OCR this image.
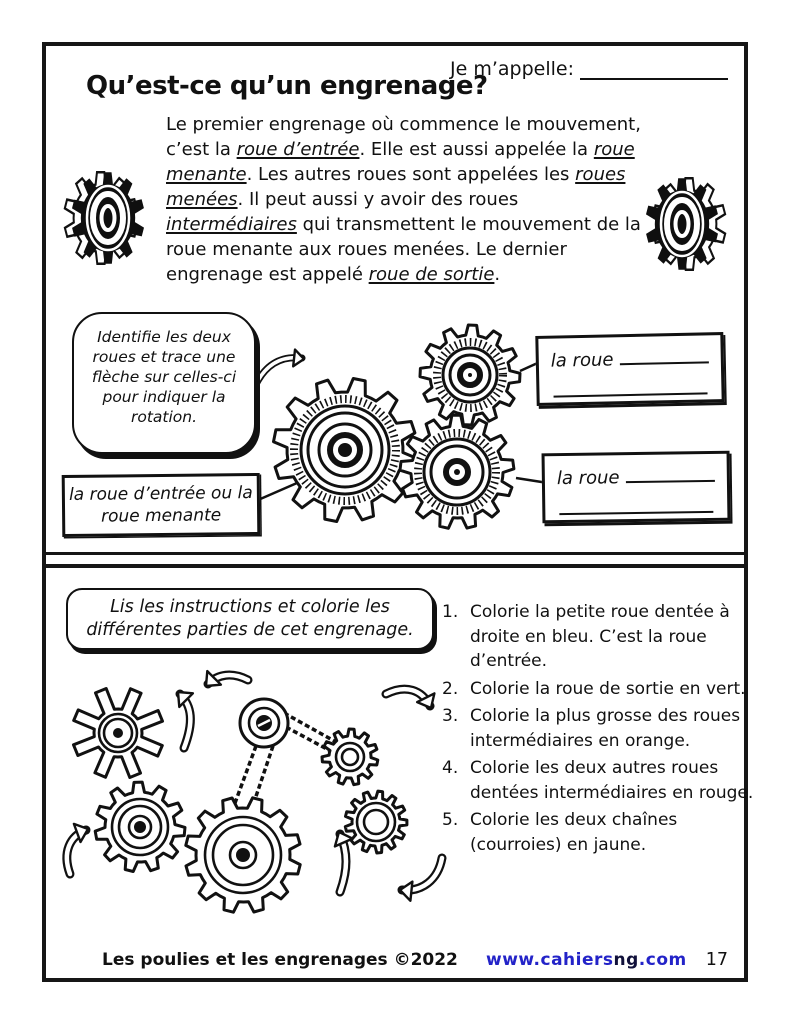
Qu’est-ce qu’un engrenage?
Je m’appelle:
Le premier engrenage où commence le mouvement, c’est la roue d’entrée. Elle est aussi appelée la roue menante. Les autres roues sont appelées les roues menées. Il peut aussi y avoir des roues intermédiaires qui transmettent le mouvement de la roue menante aux roues menées. Le dernier engrenage est appelé roue de sortie.
Identifie les deux roues et trace une flèche sur celles-ci pour indiquer la rotation.
la roue d’entrée ou la roue menante
la roue
la roue
Lis les instructions et colorie les différentes parties de cet engrenage.
Colorie la petite roue dentée à droite en bleu. C’est la roue d’entrée.
Colorie la roue de sortie en vert.
Colorie la plus grosse des roues intermédiaires en orange.
Colorie les deux autres roues dentées intermédiaires en rouge.
Colorie les deux chaînes (courroies) en jaune.
Les poulies et les engrenages ©2022 www.cahiersng.com 17
